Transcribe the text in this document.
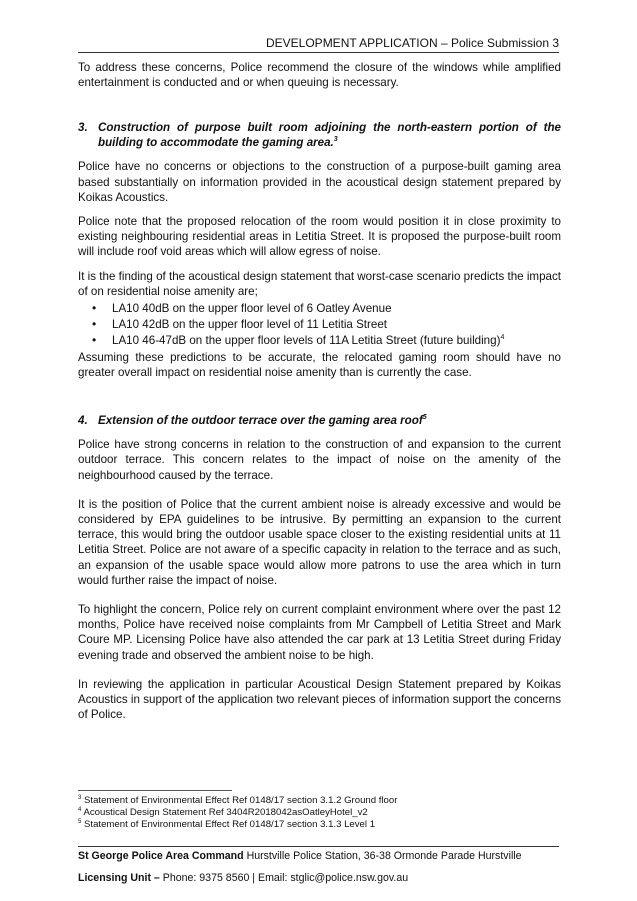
DEVELOPMENT APPLICATION – Police Submission 3

To address these concerns, Police recommend the closure of the windows while amplified entertainment is conducted and or when queuing is necessary.

3. Construction of purpose built room adjoining the north-eastern portion of the building to accommodate the gaming area.$^3$

Police have no concerns or objections to the construction of a purpose-built gaming area based substantially on information provided in the acoustical design statement prepared by Koikas Acoustics.

Police note that the proposed relocation of the room would position it in close proximity to existing neighbouring residential areas in Letitia Street. It is proposed the purpose-built room will include roof void areas which will allow egress of noise.

It is the finding of the acoustical design statement that worst-case scenario predicts the impact of on residential noise amenity are;

• LA10 40dB on the upper floor level of 6 Oatley Avenue
• LA10 42dB on the upper floor level of 11 Letitia Street
• LA10 46-47dB on the upper floor levels of 11A Letitia Street (future building)$^4$

Assuming these predictions to be accurate, the relocated gaming room should have no greater overall impact on residential noise amenity than is currently the case.

4. Extension of the outdoor terrace over the gaming area roof$^5$

Police have strong concerns in relation to the construction of and expansion to the current outdoor terrace. This concern relates to the impact of noise on the amenity of the neighbourhood caused by the terrace.

It is the position of Police that the current ambient noise is already excessive and would be considered by EPA guidelines to be intrusive. By permitting an expansion to the current terrace, this would bring the outdoor usable space closer to the existing residential units at 11 Letitia Street. Police are not aware of a specific capacity in relation to the terrace and as such, an expansion of the usable space would allow more patrons to use the area which in turn would further raise the impact of noise.

To highlight the concern, Police rely on current complaint environment where over the past 12 months, Police have received noise complaints from Mr Campbell of Letitia Street and Mark Coure MP. Licensing Police have also attended the car park at 13 Letitia Street during Friday evening trade and observed the ambient noise to be high.

In reviewing the application in particular Acoustical Design Statement prepared by Koikas Acoustics in support of the application two relevant pieces of information support the concerns of Police.

$^3$ Statement of Environmental Effect Ref 0148/17 section 3.1.2 Ground floor
$^4$ Acoustical Design Statement Ref 3404R2018042asOatleyHotel_v2
$^5$ Statement of Environmental Effect Ref 0148/17 section 3.1.3 Level 1
St George Police Area Command Hurstville Police Station, 36-38 Ormonde Parade Hurstville
Licensing Unit – Phone: 9375 8560 | Email: stglic@police.nsw.gov.au
